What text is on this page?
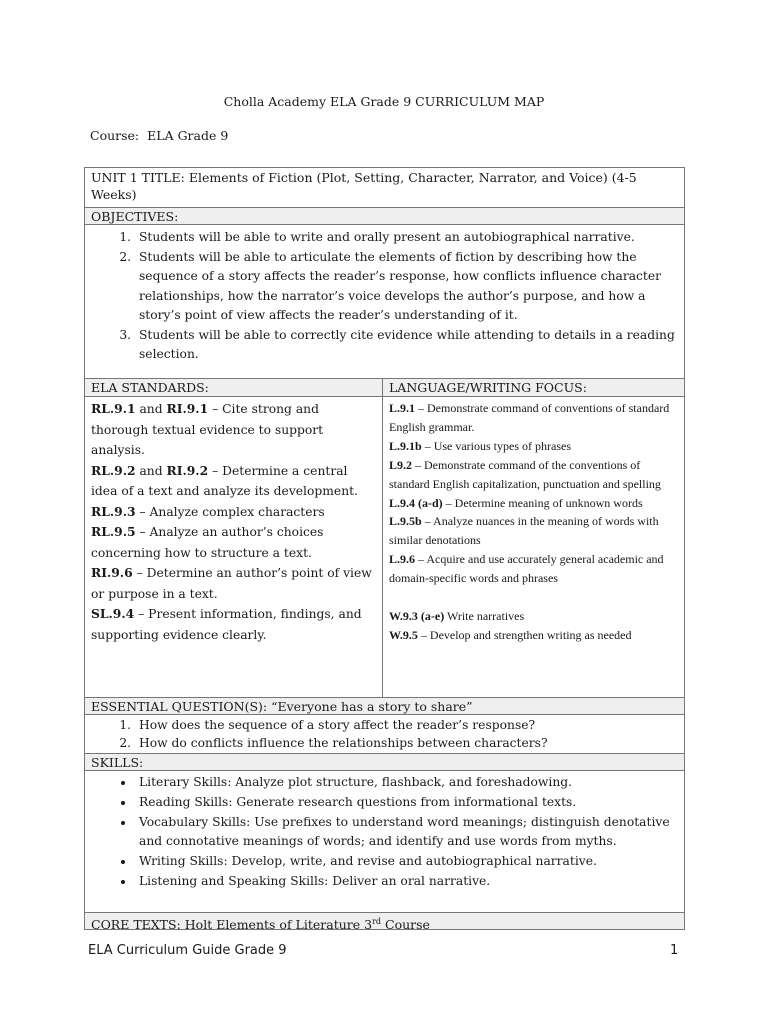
Cholla Academy ELA Grade 9 CURRICULUM MAP
Course: ELA Grade 9
UNIT 1 TITLE: Elements of Fiction (Plot, Setting, Character, Narrator, and Voice) (4-5 Weeks)
OBJECTIVES:
1. Students will be able to write and orally present an autobiographical narrative.
2. Students will be able to articulate the elements of fiction by describing how the sequence of a story affects the reader’s response, how conflicts influence character relationships, how the narrator’s voice develops the author’s purpose, and how a story’s point of view affects the reader’s understanding of it.
3. Students will be able to correctly cite evidence while attending to details in a reading selection.
ELA STANDARDS:

RL.9.1 and RI.9.1 – Cite strong and thorough textual evidence to support analysis.

RL.9.2 and RI.9.2 – Determine a central idea of a text and analyze its development.

RL.9.3 – Analyze complex characters

RL.9.5 – Analyze an author’s choices concerning how to structure a text.

RI.9.6 – Determine an author’s point of view or purpose in a text.

SL.9.4 – Present information, findings, and supporting evidence clearly.

LANGUAGE/WRITING FOCUS:

L.9.1 – Demonstrate command of conventions of standard English grammar.

L.9.1b – Use various types of phrases

L9.2 – Demonstrate command of the conventions of standard English capitalization, punctuation and spelling

L.9.4 (a-d) – Determine meaning of unknown words

L.9.5b – Analyze nuances in the meaning of words with similar denotations

L.9.6 – Acquire and use accurately general academic and domain-specific words and phrases

W.9.3 (a-e) Write narratives

W.9.5 – Develop and strengthen writing as needed

ESSENTIAL QUESTION(S): “Everyone has a story to share”
1. How does the sequence of a story affect the reader’s response?
2. How do conflicts influence the relationships between characters?
SKILLS:
• Literary Skills: Analyze plot structure, flashback, and foreshadowing.
• Reading Skills: Generate research questions from informational texts.
• Vocabulary Skills: Use prefixes to understand word meanings; distinguish denotative and connotative meanings of words; and identify and use words from myths.
• Writing Skills: Develop, write, and revise and autobiographical narrative.
• Listening and Speaking Skills: Deliver an oral narrative.
CORE TEXTS: Holt Elements of Literature 3rd Course
ELA Curriculum Guide Grade 9	1
